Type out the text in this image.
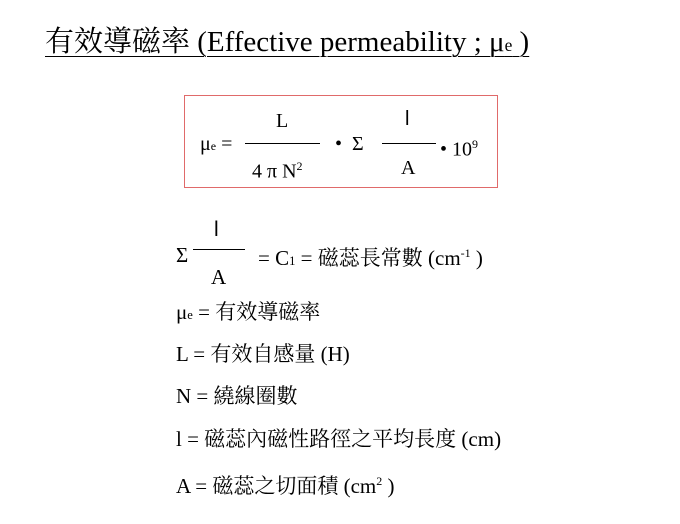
有效導磁率 (Effective permeability ; μe )
μe =
L
4 π $N^2$
• Σ
l
A
• $10^9$
Σ
l
A
= C1 = 磁蕊長常數 ($cm^{-1}$ )
μe = 有效導磁率
L = 有效自感量 (H)
N = 繞線圈數
l = 磁蕊內磁性路徑之平均長度 (cm)
A = 磁蕊之切面積 ($cm^2$ )
